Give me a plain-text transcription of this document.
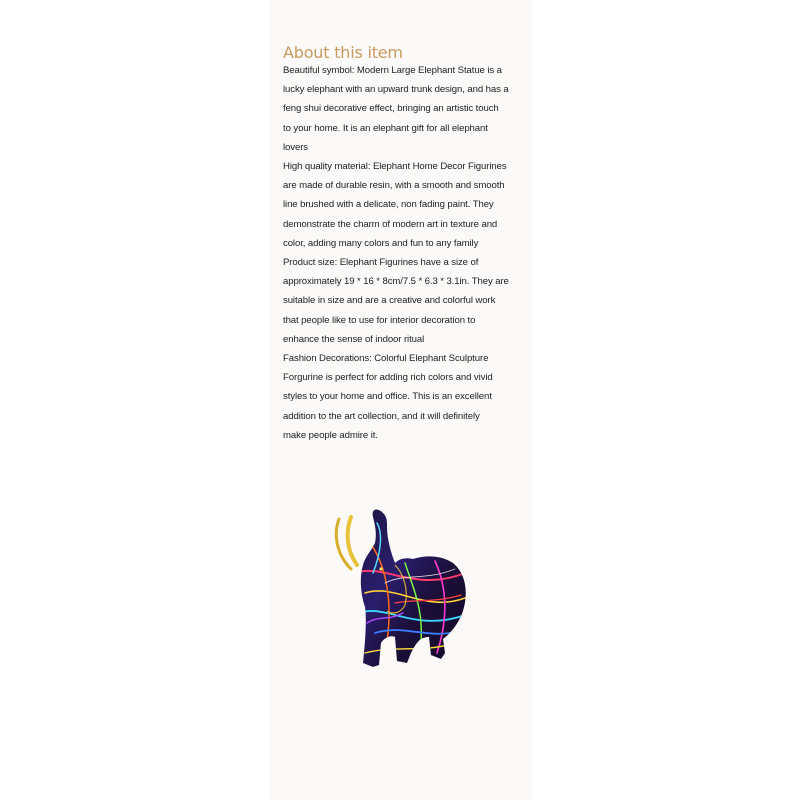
About this item
Beautiful symbol: Modern Large Elephant Statue is a
lucky elephant with an upward trunk design, and has a
feng shui decorative effect, bringing an artistic touch
to your home. It is an elephant gift for all elephant
lovers
High quality material: Elephant Home Decor Figurines
are made of durable resin, with a smooth and smooth
line brushed with a delicate, non fading paint. They
demonstrate the charm of modern art in texture and
color, adding many colors and fun to any family
Product size: Elephant Figurines have a size of
approximately 19 * 16 * 8cm/7.5 * 6.3 * 3.1in. They are
suitable in size and are a creative and colorful work
that people like to use for interior decoration to
enhance the sense of indoor ritual
Fashion Decorations: Colorful Elephant Sculpture
Forgurine is perfect for adding rich colors and vivid
styles to your home and office. This is an excellent
addition to the art collection, and it will definitely
make people admire it.
